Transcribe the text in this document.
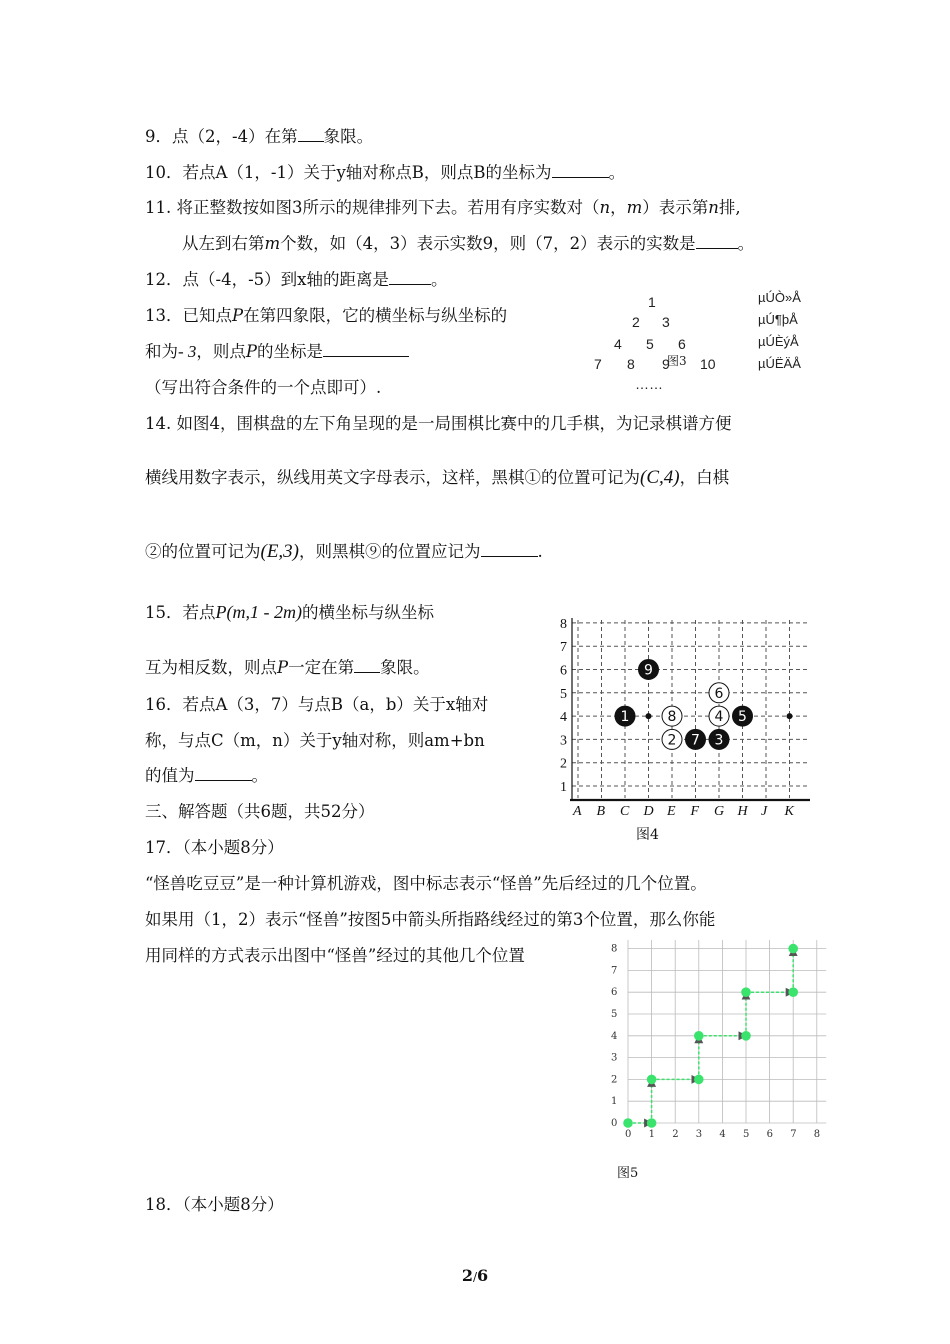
9．点（2，-4）在第 象限。
10．若点A（1，-1）关于y轴对称点B，则点B的坐标为	。
11. 将正整数按如图3所示的规律排列下去。若用有序实数对（n，m）表示第n排,
从左到右第m个数，如（4，3）表示实数9，则（7，2）表示的实数是	。
12．点（-4，-5）到x轴的距离是	。
13．已知点P在第四象限，它的横坐标与纵坐标的
和为- 3，则点P的坐标是
（写出符合条件的一个点即可）.
1
2 3
4 5 6
7 8 9 10
图3
……
µÚÒ»Å
µÚ¶þÅ
µÚÈýÅ
µÚËÄÅ
14. 如图4，围棋盘的左下角呈现的是一局围棋比赛中的几手棋，为记录棋谱方便
横线用数字表示，纵线用英文字母表示，这样，黑棋①的位置可记为(C,4)，白棋
②的位置可记为(E,3)，则黑棋⑨的位置应记为	.
15．若点P(m,1 - 2m)的横坐标与纵坐标
互为相反数，则点P一定在第 象限。
16．若点A（3，7）与点B（a，b）关于x轴对
称，与点C（m，n）关于y轴对称，则am+bn
的值为	。
三、解答题（共6题，共52分）
17．（本小题8分）
“怪兽吃豆豆”是一种计算机游戏，图中标志表示“怪兽”先后经过的几个位置。
如果用（1，2）表示“怪兽”按图5中箭头所指路线经过的第3个位置，那么你能
用同样的方式表示出图中“怪兽”经过的其他几个位置
18．（本小题8分）
1
2	3
4 5
6
7
8
9
1
2
3
4
5
6
7
8
A B C D E F G H J K
图4
0 1 2 3 4 5 6 7 8
1
2
3
4
5
6
7
8
0
图5
2/6
